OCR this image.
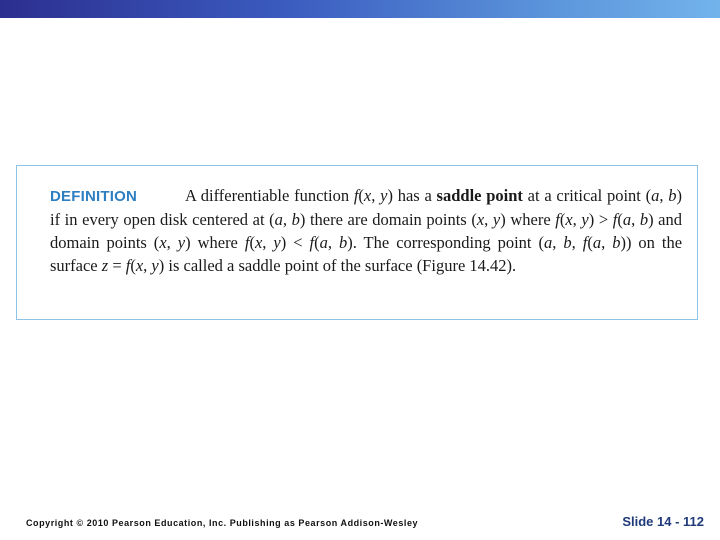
DEFINITION	A differentiable function f(x, y) has a saddle point at a critical point (a, b) if in every open disk centered at (a, b) there are domain points (x, y) where f(x, y) > f(a, b) and domain points (x, y) where f(x, y) < f(a, b). The corresponding point (a, b, f(a, b)) on the surface z = f(x, y) is called a saddle point of the surface (Figure 14.42).
Copyright © 2010 Pearson Education, Inc. Publishing as Pearson Addison-Wesley	Slide 14 - 112
